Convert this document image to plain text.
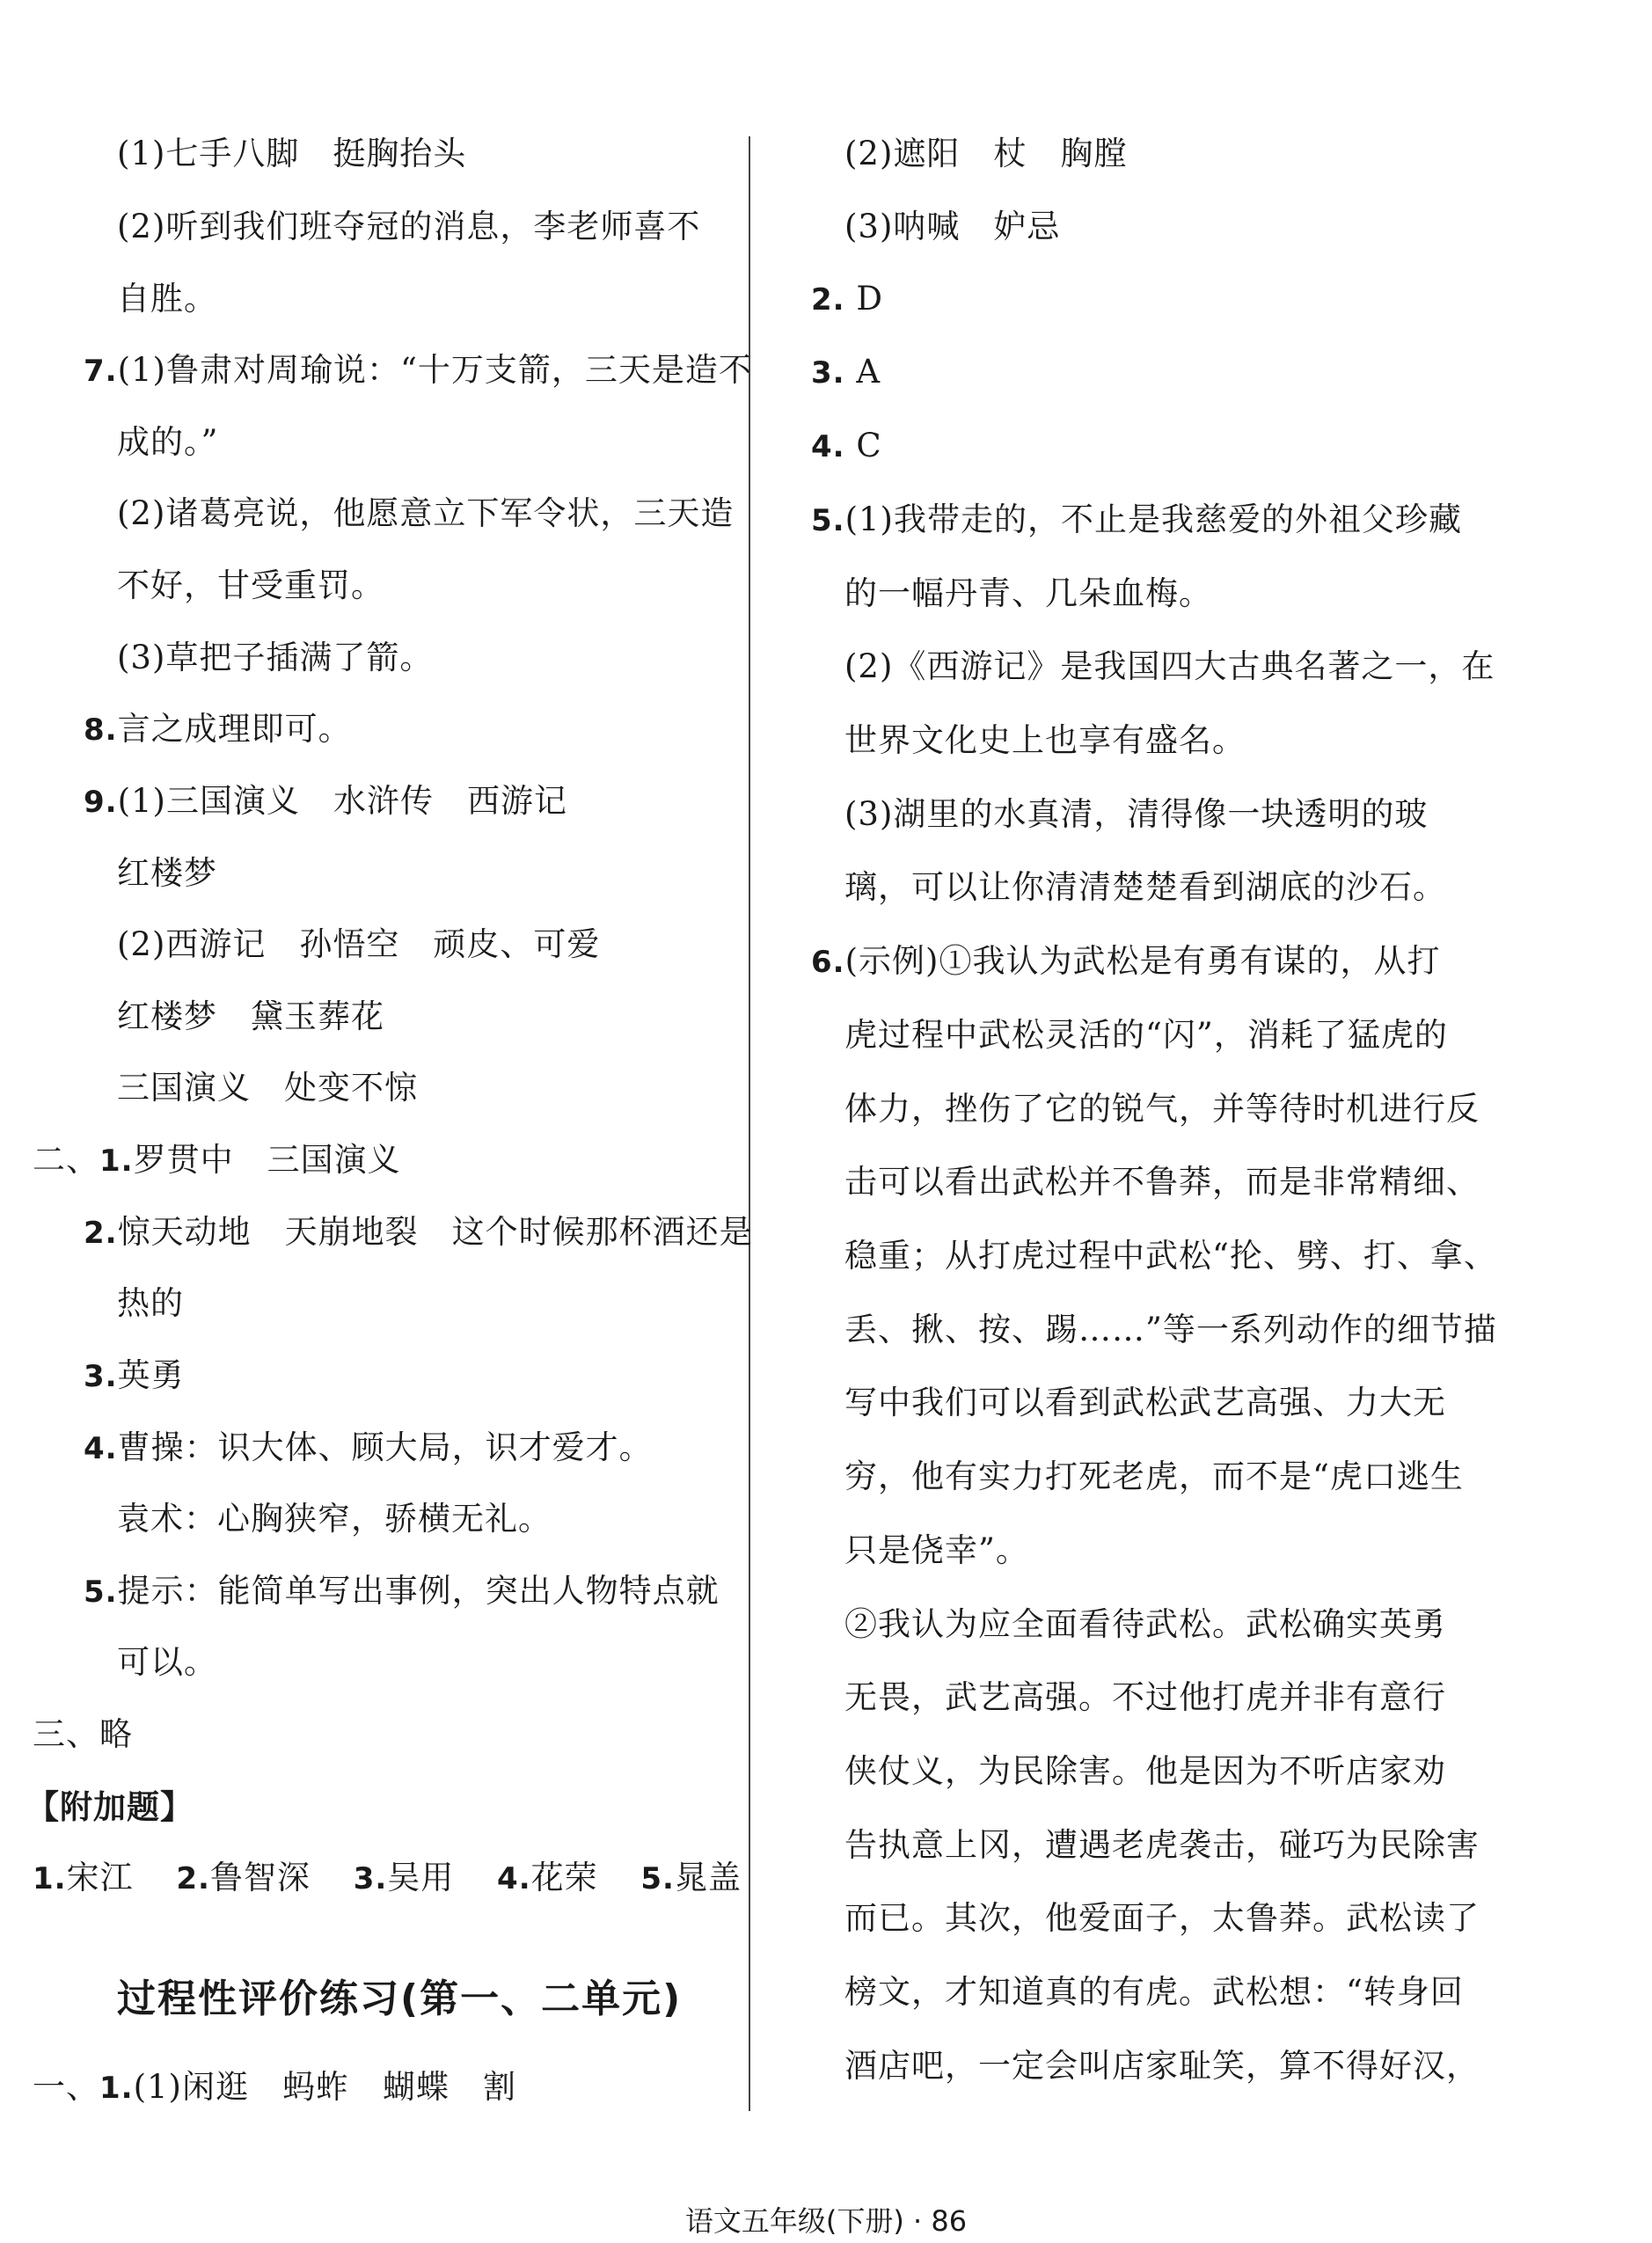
(1)七手八脚　挺胸抬头
(2)听到我们班夺冠的消息，李老师喜不
自胜。
7.(1)鲁肃对周瑜说：“十万支箭，三天是造不
成的。”
(2)诸葛亮说，他愿意立下军令状，三天造
不好，甘受重罚。
(3)草把子插满了箭。
8.言之成理即可。
9.(1)三国演义　水浒传　西游记
红楼梦
(2)西游记　孙悟空　顽皮、可爱
红楼梦　黛玉葬花
三国演义　处变不惊
二、1.罗贯中　三国演义
2.惊天动地　天崩地裂　这个时候那杯酒还是
热的
3.英勇
4.曹操：识大体、顾大局，识才爱才。
袁术：心胸狭窄，骄横无礼。
5.提示：能简单写出事例，突出人物特点就
可以。
三、略
【附加题】
1.宋江 2.鲁智深 3.吴用 4.花荣 5.晁盖
过程性评价练习(第一、二单元)
一、1.(1)闲逛　蚂蚱　蝴蝶　割
(2)遮阳　杖　胸膛
(3)呐喊　妒忌
2. D
3. A
4. C
5.(1)我带走的，不止是我慈爱的外祖父珍藏
的一幅丹青、几朵血梅。
(2)《西游记》是我国四大古典名著之一，在
世界文化史上也享有盛名。
(3)湖里的水真清，清得像一块透明的玻
璃，可以让你清清楚楚看到湖底的沙石。
6.(示例)①我认为武松是有勇有谋的，从打
虎过程中武松灵活的“闪”，消耗了猛虎的
体力，挫伤了它的锐气，并等待时机进行反
击可以看出武松并不鲁莽，而是非常精细、
稳重；从打虎过程中武松“抡、劈、打、拿、
丢、揪、按、踢……”等一系列动作的细节描
写中我们可以看到武松武艺高强、力大无
穷，他有实力打死老虎，而不是“虎口逃生
只是侥幸”。
②我认为应全面看待武松。武松确实英勇
无畏，武艺高强。不过他打虎并非有意行
侠仗义，为民除害。他是因为不听店家劝
告执意上冈，遭遇老虎袭击，碰巧为民除害
而已。其次，他爱面子，太鲁莽。武松读了
榜文，才知道真的有虎。武松想：“转身回
酒店吧，一定会叫店家耻笑，算不得好汉，
语文五年级(下册) · 86
